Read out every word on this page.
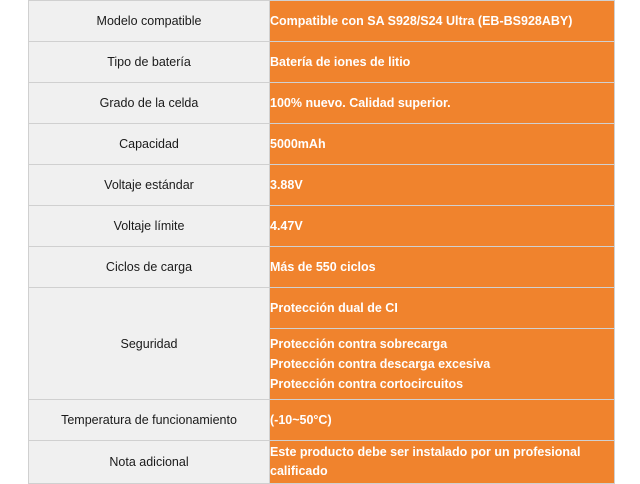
Modelo compatible	Compatible con SA S928/S24 Ultra (EB-BS928ABY)
Tipo de batería	Batería de iones de litio
Grado de la celda	100% nuevo. Calidad superior.
Capacidad	5000mAh
Voltaje estándar	3.88V
Voltaje límite	4.47V
Ciclos de carga	Más de 550 ciclos
Seguridad	Protección dual de CI

	Protección contra sobrecarga
Protección contra descarga excesiva
Protección contra cortocircuitos

Temperatura de funcionamiento	(-10~50°C)
Nota adicional	Este producto debe ser instalado por un profesional calificado
